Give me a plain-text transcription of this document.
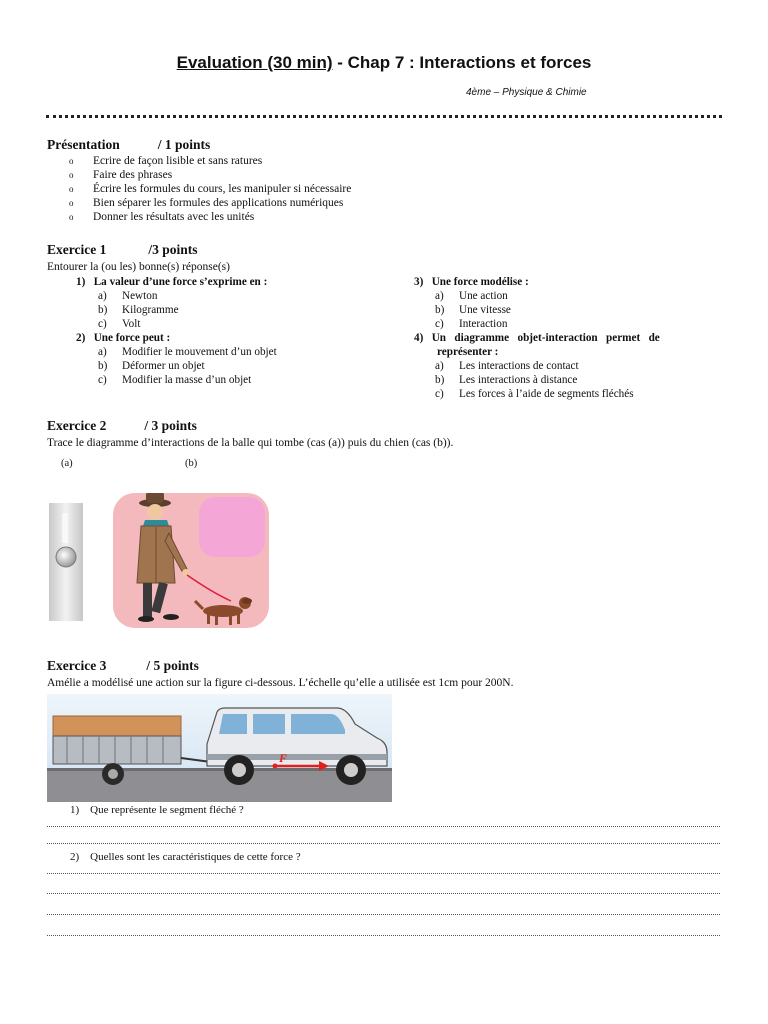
Evaluation (30 min) - Chap 7 : Interactions et forces
4ème – Physique & Chimie
Présentation	/ 1 points
o Ecrire de façon lisible et sans ratures
o Faire des phrases
o Écrire les formules du cours, les manipuler si nécessaire
o Bien séparer les formules des applications numériques
o Donner les résultats avec les unités
Exercice 1	/3 points
Entourer la (ou les) bonne(s) réponse(s)
1) La valeur d’une force s’exprime en :
a) Newton
b) Kilogramme
c) Volt
2) Une force peut :
a) Modifier le mouvement d’un objet
b) Déformer un objet
c) Modifier la masse d’un objet
3) Une force modélise :
a) Une action
b) Une vitesse
c) Interaction
4) Un   diagramme   objet-interaction   permet   de
représenter :
a) Les interactions de contact
b) Les interactions à distance
c) Les forces à l’aide de segments fléchés
Exercice 2	/ 3 points
Trace le diagramme d’interactions de la balle qui tombe (cas (a)) puis du chien (cas (b)).
(a)	(b)
Exercice 3	/ 5 points
Amélie a modélisé une action sur la figure ci-dessous. L’échelle qu’elle a utilisée est 1cm pour 200N.
F
1) Que représente le segment fléché ?
2) Quelles sont les caractéristiques de cette force ?
